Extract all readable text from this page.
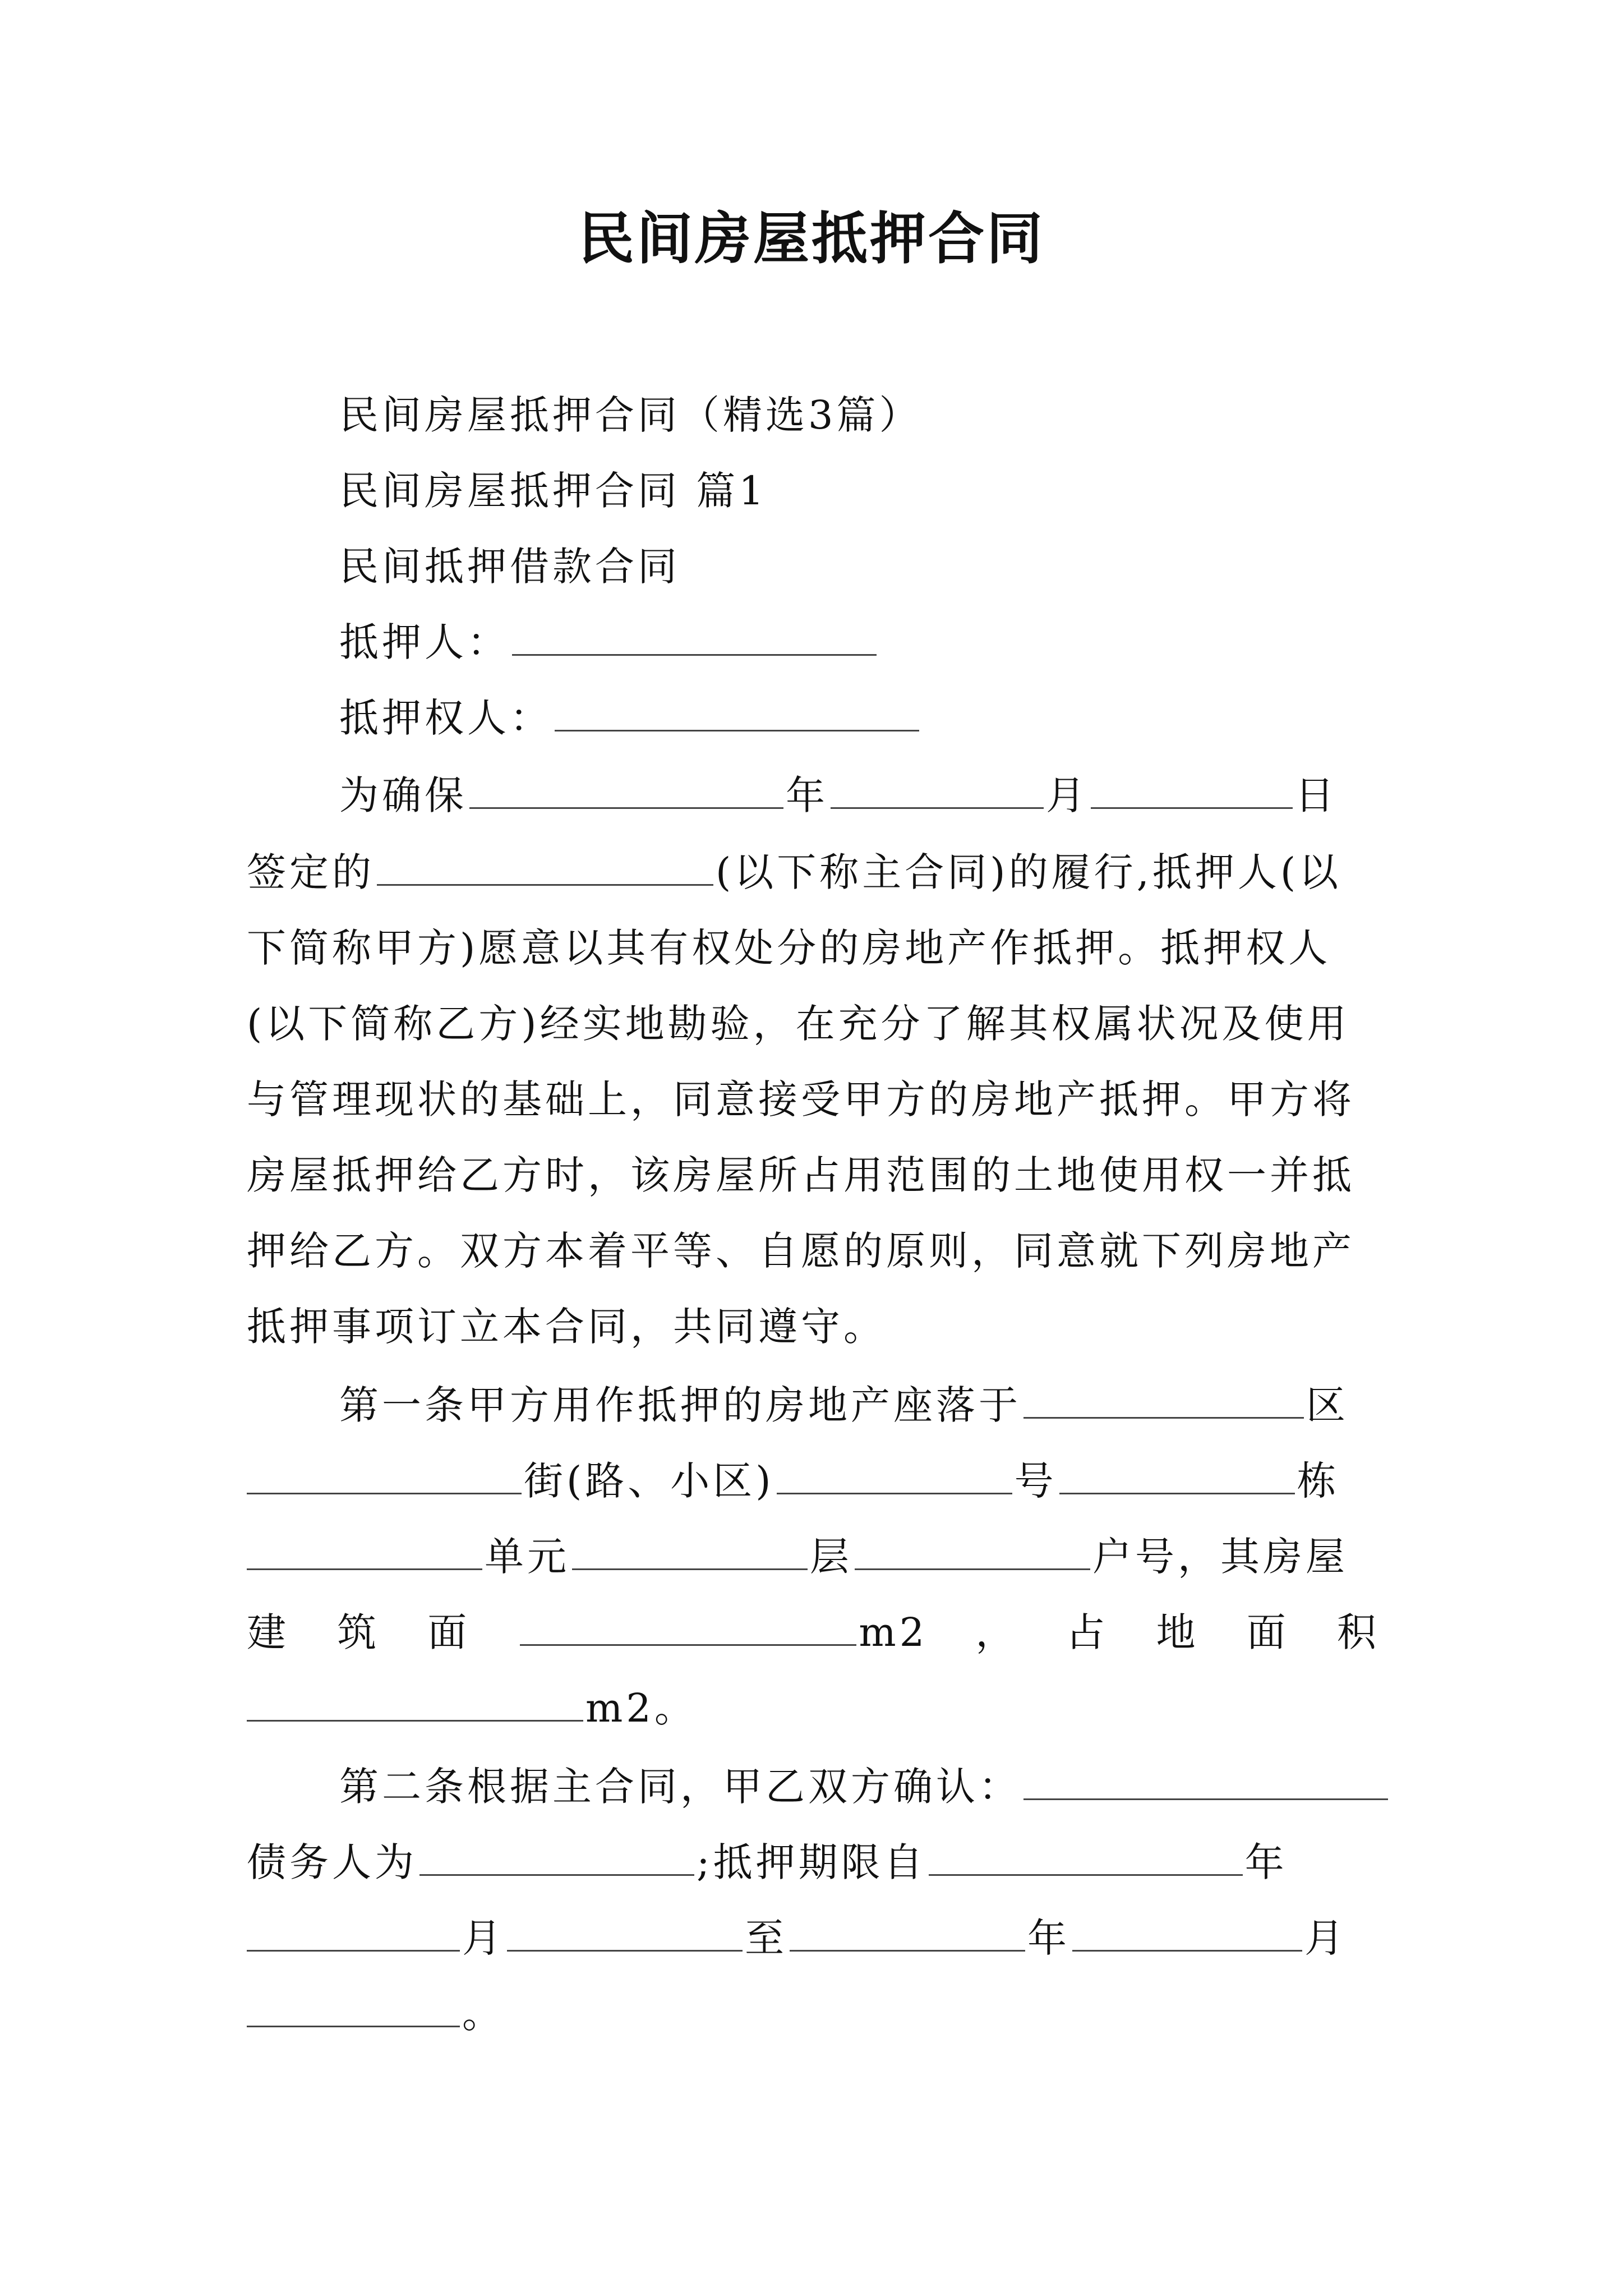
民间房屋抵押合同
民间房屋抵押合同（精选3篇）
民间房屋抵押合同 篇1
民间抵押借款合同
抵押人：
抵押权人：
为确保	年	月	日
签定的	(以下称主合同)的履行,抵押人(以
下简称甲方)愿意以其有权处分的房地产作抵押。抵押权人
(以下简称乙方)经实地勘验，在充分了解其权属状况及使用
与管理现状的基础上，同意接受甲方的房地产抵押。甲方将
房屋抵押给乙方时，该房屋所占用范围的土地使用权一并抵
押给乙方。双方本着平等、自愿的原则，同意就下列房地产
抵押事项订立本合同，共同遵守。
第一条甲方用作抵押的房地产座落于	区
街(路、小区)	号	栋
单元	层	户号，其房屋
建 筑 面	m2 ， 占 地 面 积
m2。
第二条根据主合同，甲乙双方确认：
债务人为	;抵押期限自	年
月	至	年	月
。
